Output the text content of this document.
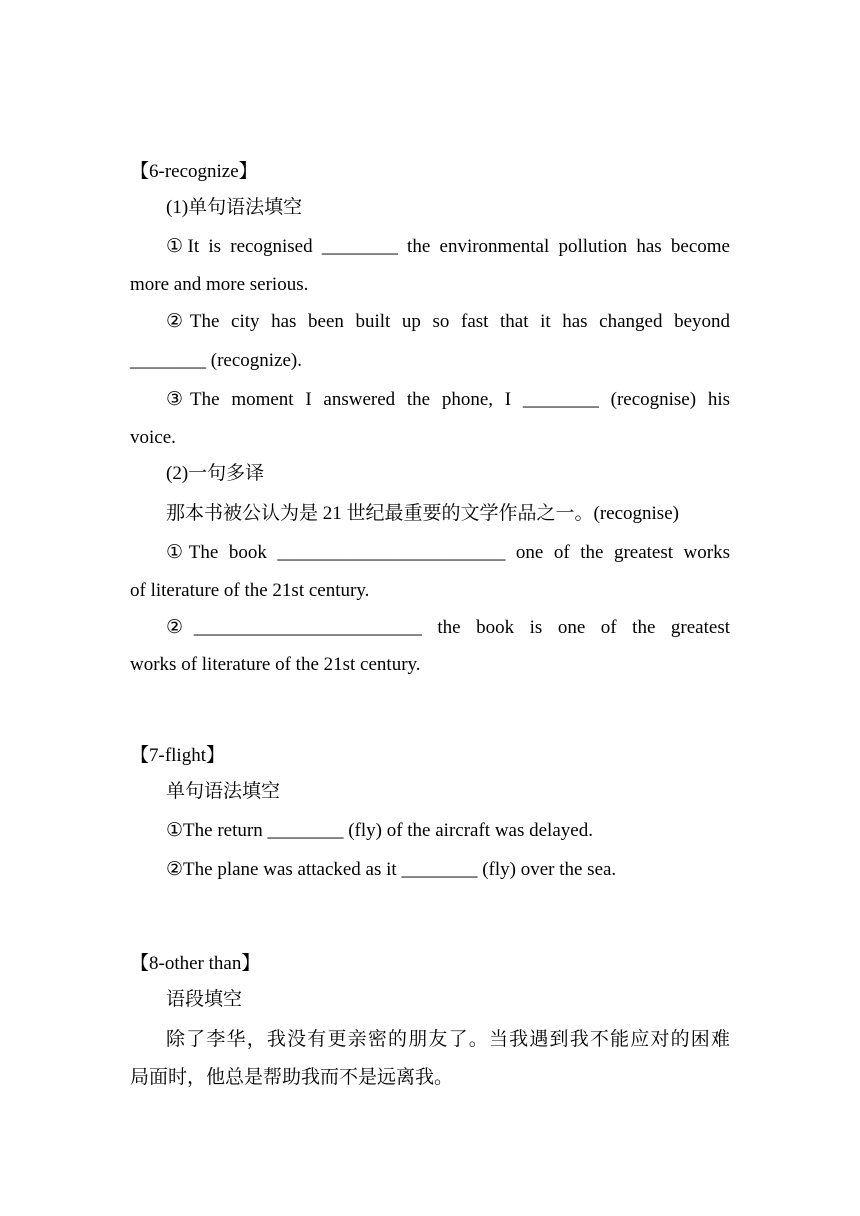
【6-recognize】
(1)单句语法填空
①It is recognised ________ the environmental pollution has become
more and more serious.
②The city has been built up so fast that it has changed beyond
________ (recognize).
③The moment I answered the phone, I ________ (recognise) his
voice.
(2)一句多译
那本书被公认为是 21 世纪最重要的文学作品之一。(recognise)
①The book ________________________ one of the greatest works
of literature of the 21st century.
②________________________ the book is one of the greatest
works of literature of the 21st century.
【7-flight】
单句语法填空
①The return ________ (fly) of the aircraft was delayed.
②The plane was attacked as it ________ (fly) over the sea.
【8-other than】
语段填空
除了李华，我没有更亲密的朋友了。当我遇到我不能应对的困难
局面时，他总是帮助我而不是远离我。
